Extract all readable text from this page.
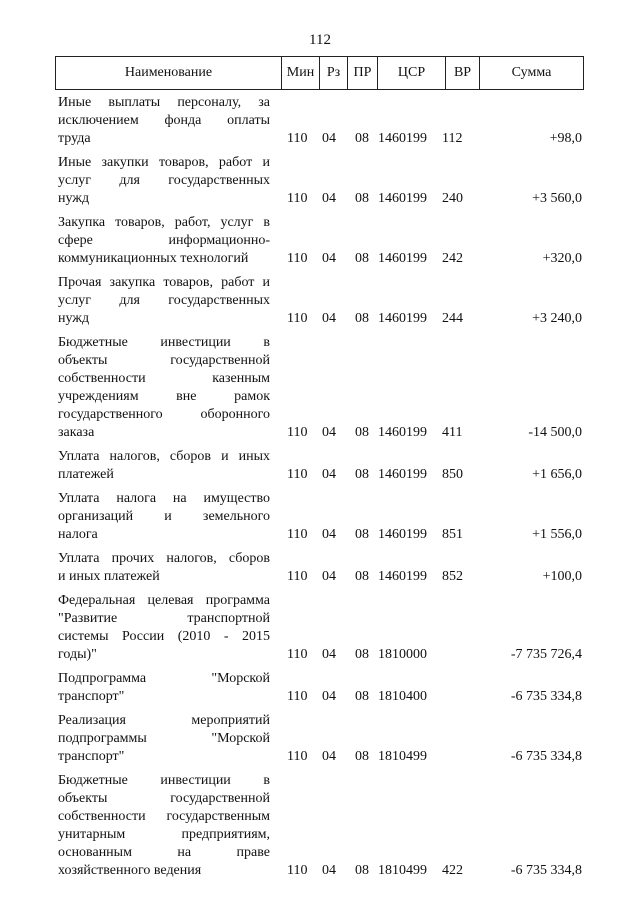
112
Наименование	Мин	Рз	ПР	ЦСР	ВР	Сумма
Иные выплаты персоналу, за
исключением фонда оплаты
труда	110 04 08 1460199 112	+98,0
Иные закупки товаров, работ и
услуг для государственных
нужд	110 04 08 1460199 240	+3 560,0
Закупка товаров, работ, услуг в
сфере информационно-
коммуникационных технологий	110 04 08 1460199 242	+320,0
Прочая закупка товаров, работ и
услуг для государственных
нужд	110 04 08 1460199 244	+3 240,0
Бюджетные инвестиции в
объекты государственной
собственности казенным
учреждениям вне рамок
государственного оборонного
заказа	110 04 08 1460199 411	-14 500,0
Уплата налогов, сборов и иных
платежей	110 04 08 1460199 850	+1 656,0
Уплата налога на имущество
организаций и земельного
налога	110 04 08 1460199 851	+1 556,0
Уплата прочих налогов, сборов
и иных платежей	110 04 08 1460199 852	+100,0
Федеральная целевая программа
"Развитие транспортной
системы России (2010 - 2015
годы)"	110 04 08 1810000	-7 735 726,4
Подпрограмма "Морской
транспорт"	110 04 08 1810400	-6 735 334,8
Реализация мероприятий
подпрограммы "Морской
транспорт"	110 04 08 1810499	-6 735 334,8
Бюджетные инвестиции в
объекты государственной
собственности государственным
унитарным предприятиям,
основанным на праве
хозяйственного ведения	110 04 08 1810499 422	-6 735 334,8
